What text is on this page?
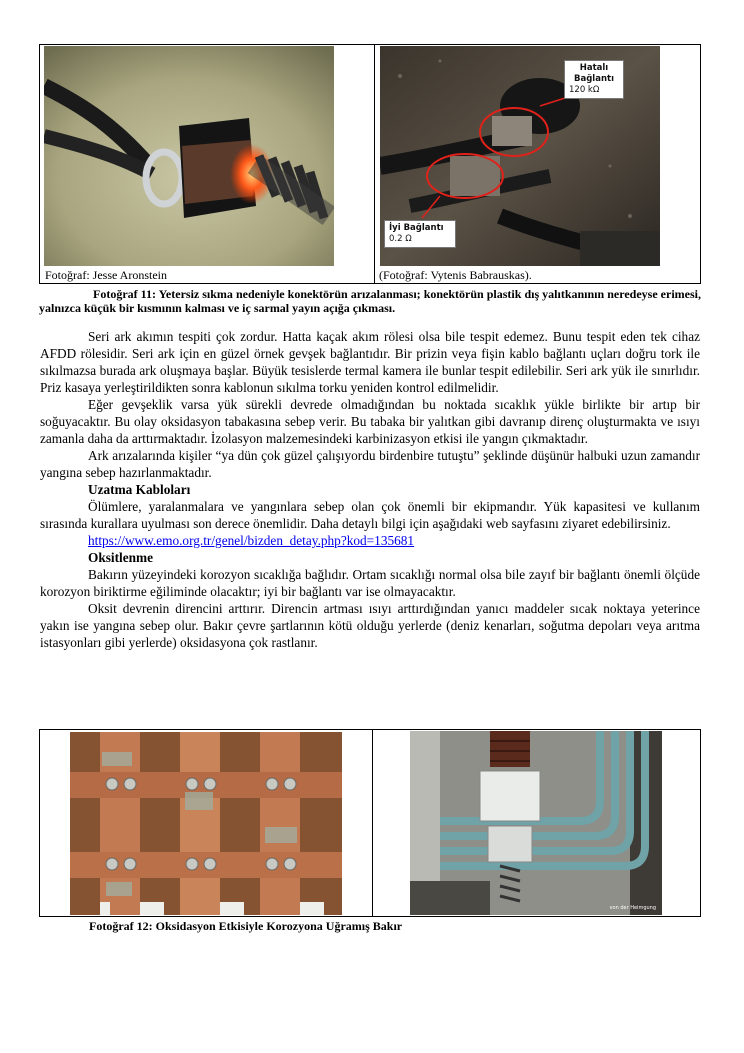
Hatalı
Bağlantı
120 kΩ
İyi Bağlantı
0.2 Ω
Fotoğraf: Jesse Aronstein	(Fotoğraf: Vytenis Babrauskas).
Fotoğraf 11: Yetersiz sıkma nedeniyle konektörün arızalanması; konektörün plastik dış yalıtkanının neredeyse erimesi, yalnızca küçük bir kısmının kalması ve iç sarmal yayın açığa çıkması.

Seri ark akımın tespiti çok zordur. Hatta kaçak akım rölesi olsa bile tespit edemez. Bunu tespit eden tek cihaz AFDD rölesidir. Seri ark için en güzel örnek gevşek bağlantıdır. Bir prizin veya fişin kablo bağlantı uçları doğru tork ile sıkılmazsa burada ark oluşmaya başlar. Büyük tesislerde termal kamera ile bunlar tespit edilebilir. Seri ark yük ile sınırlıdır. Priz kasaya yerleştirildikten sonra kablonun sıkılma torku yeniden kontrol edilmelidir.

Eğer gevşeklik varsa yük sürekli devrede olmadığından bu noktada sıcaklık yükle birlikte bir artıp bir soğuyacaktır. Bu olay oksidasyon tabakasına sebep verir. Bu tabaka bir yalıtkan gibi davranıp direnç oluşturmakta ve ısıyı zamanla daha da arttırmaktadır. İzolasyon malzemesindeki karbinizasyon etkisi ile yangın çıkmaktadır.

Ark arızalarında kişiler “ya dün çok güzel çalışıyordu birdenbire tutuştu” şeklinde düşünür halbuki uzun zamandır yangına sebep hazırlanmaktadır.

Uzatma Kabloları

Ölümlere, yaralanmalara ve yangınlara sebep olan çok önemli bir ekipmandır. Yük kapasitesi ve kullanım sırasında kurallara uyulması son derece önemlidir. Daha detaylı bilgi için aşağıdaki web sayfasını ziyaret edebilirsiniz.

https://www.emo.org.tr/genel/bizden_detay.php?kod=135681
Oksitlenme

Bakırın yüzeyindeki korozyon sıcaklığa bağlıdır. Ortam sıcaklığı normal olsa bile zayıf bir bağlantı önemli ölçüde korozyon biriktirme eğiliminde olacaktır; iyi bir bağlantı var ise olmayacaktır.

Oksit devrenin direncini arttırır. Direncin artması ısıyı arttırdığından yanıcı maddeler sıcak noktaya yeterince yakın ise yangına sebep olur. Bakır çevre şartlarının kötü olduğu yerlerde (deniz kenarları, soğutma depoları veya arıtma istasyonları gibi yerlerde) oksidasyona çok rastlanır.

von der Heimgung
Fotoğraf 12: Oksidasyon Etkisiyle Korozyona Uğramış Bakır
